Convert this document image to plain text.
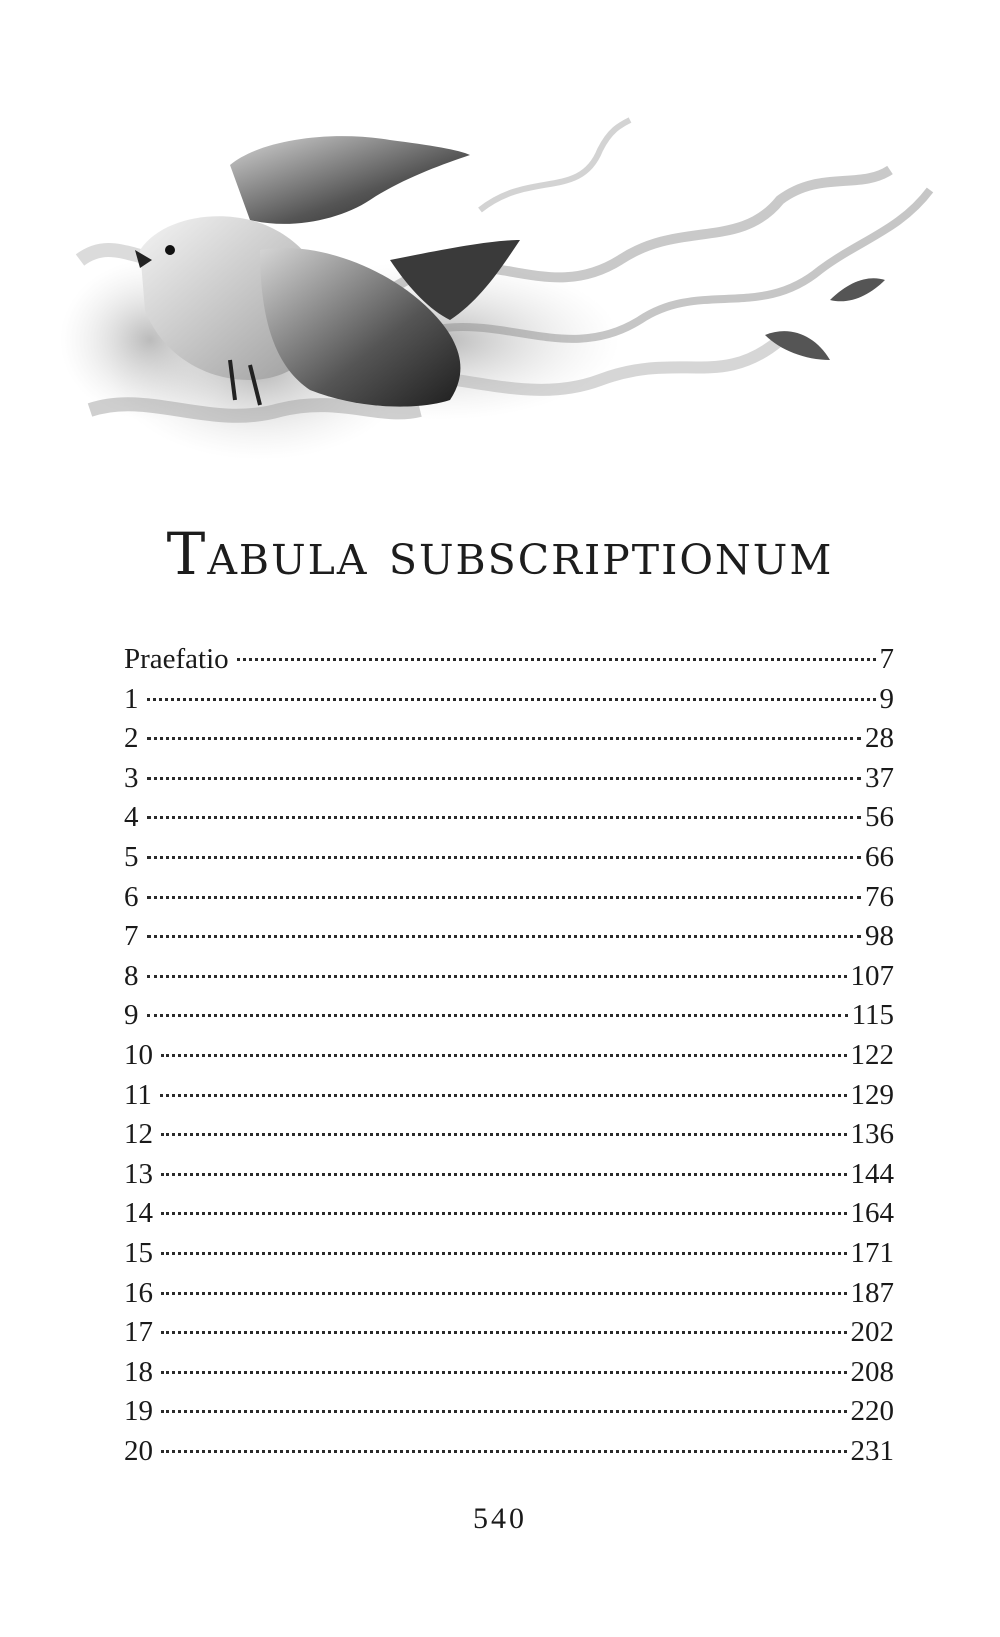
Tabula subscriptionum
Praefatio	7
1	9
2	28
3	37
4	56
5	66
6	76
7	98
8	107
9	115
10	122
11	129
12	136
13	144
14	164
15	171
16	187
17	202
18	208
19	220
20	231
540
